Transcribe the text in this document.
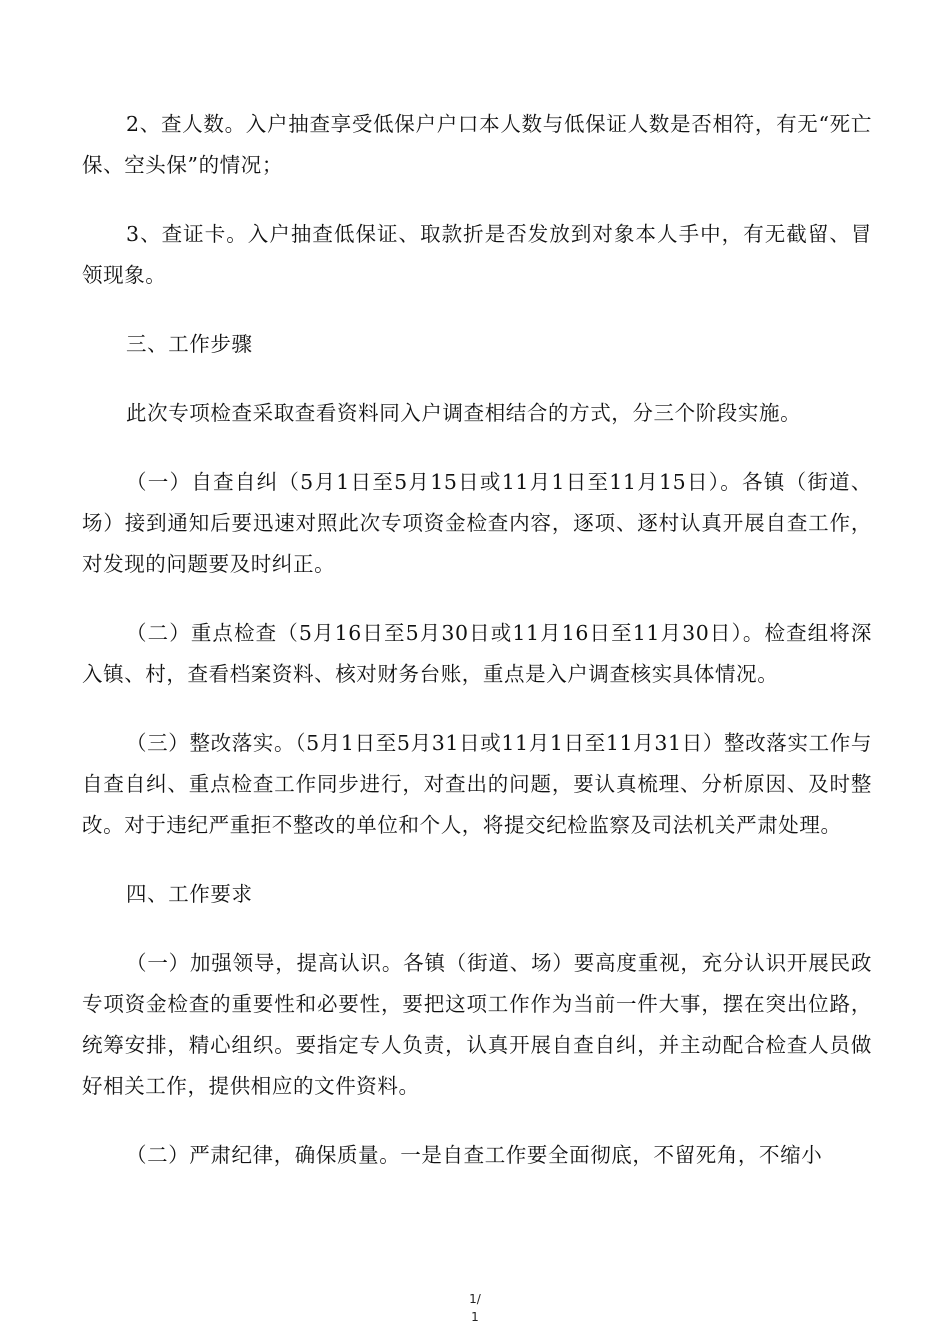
2、查人数。入户抽查享受低保户户口本人数与低保证人数是否相符，有无“死亡保、空头保”的情况；

3、查证卡。入户抽查低保证、取款折是否发放到对象本人手中，有无截留、冒领现象。

三、工作步骤

此次专项检查采取查看资料同入户调查相结合的方式，分三个阶段实施。

（一）自查自纠（5月1日至5月15日或11月1日至11月15日）。各镇（街道、场）接到通知后要迅速对照此次专项资金检查内容，逐项、逐村认真开展自查工作，对发现的问题要及时纠正。

（二）重点检查（5月16日至5月30日或11月16日至11月30日）。检查组将深入镇、村，查看档案资料、核对财务台账，重点是入户调查核实具体情况。

（三）整改落实。（5月1日至5月31日或11月1日至11月31日）整改落实工作与自查自纠、重点检查工作同步进行，对查出的问题，要认真梳理、分析原因、及时整改。对于违纪严重拒不整改的单位和个人，将提交纪检监察及司法机关严肃处理。

四、工作要求

（一）加强领导，提高认识。各镇（街道、场）要高度重视，充分认识开展民政专项资金检查的重要性和必要性，要把这项工作作为当前一件大事，摆在突出位路，统筹安排，精心组织。要指定专人负责，认真开展自查自纠，并主动配合检查人员做好相关工作，提供相应的文件资料。

（二）严肃纪律，确保质量。一是自查工作要全面彻底，不留死角，不缩小

1/
1
